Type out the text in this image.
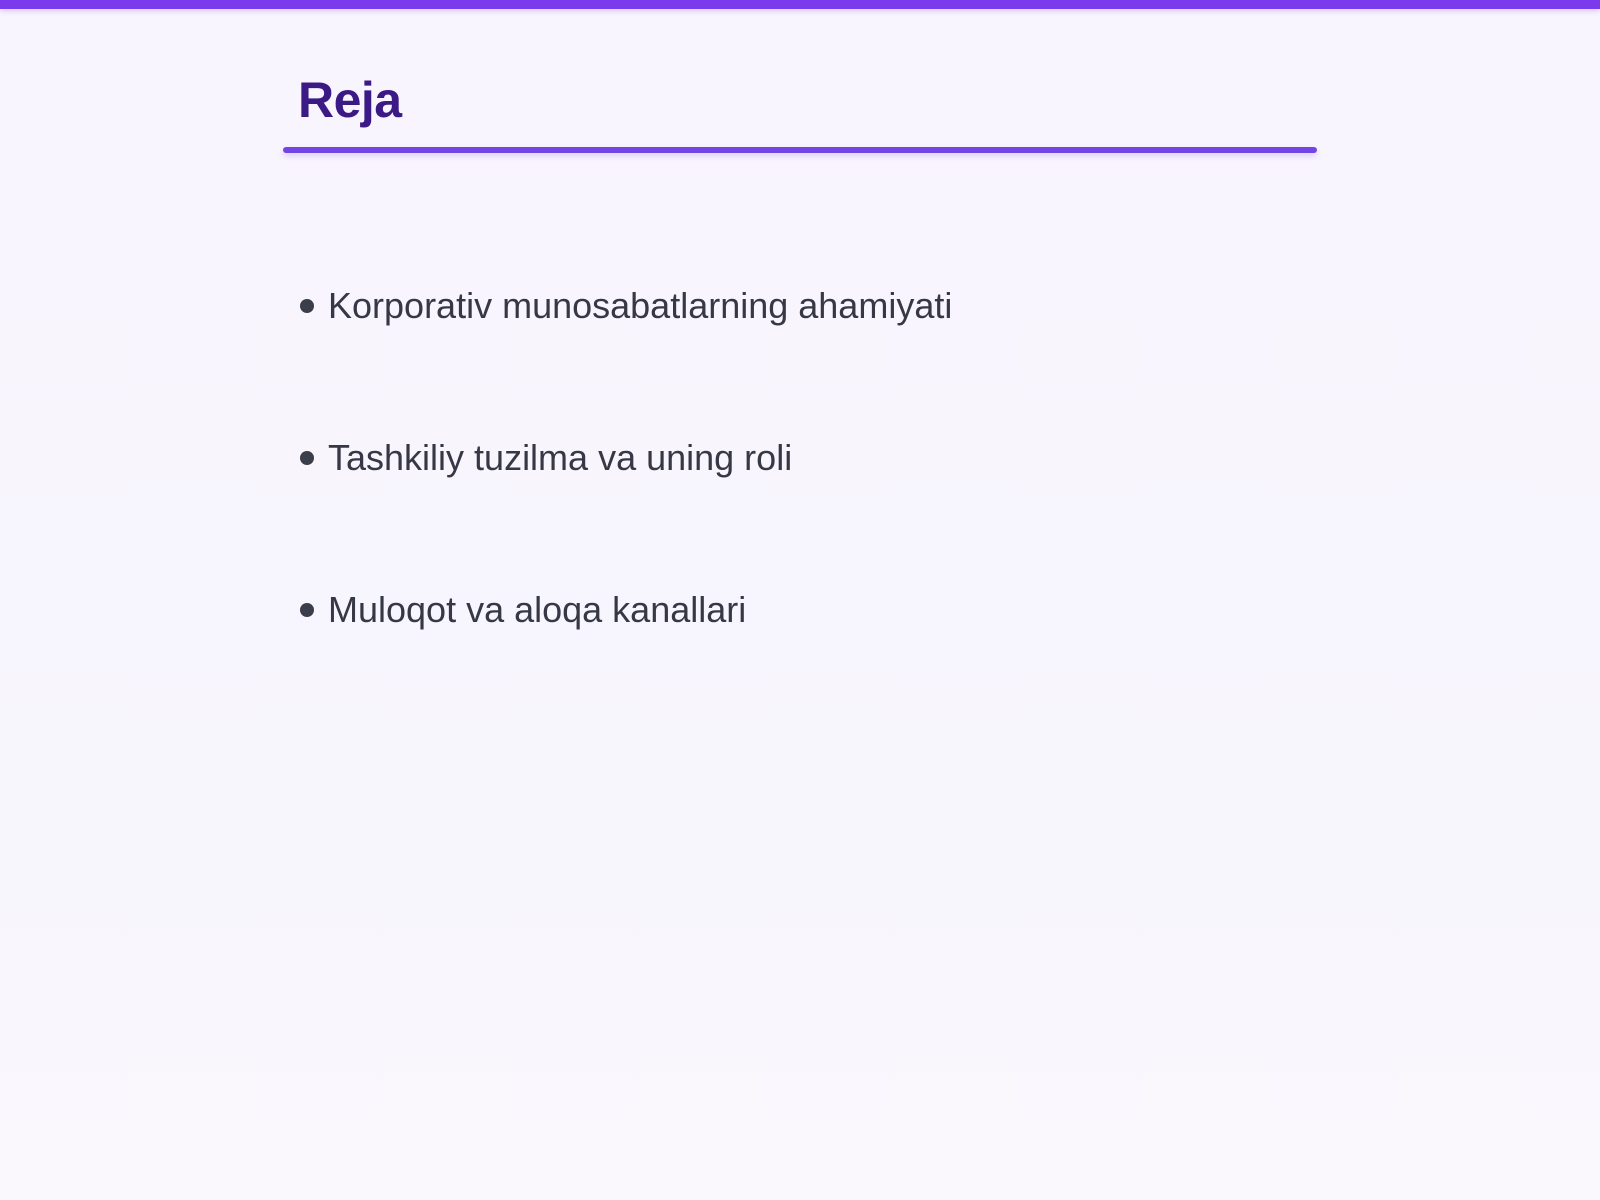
Reja
Korporativ munosabatlarning ahamiyati
Tashkiliy tuzilma va uning roli
Muloqot va aloqa kanallari
